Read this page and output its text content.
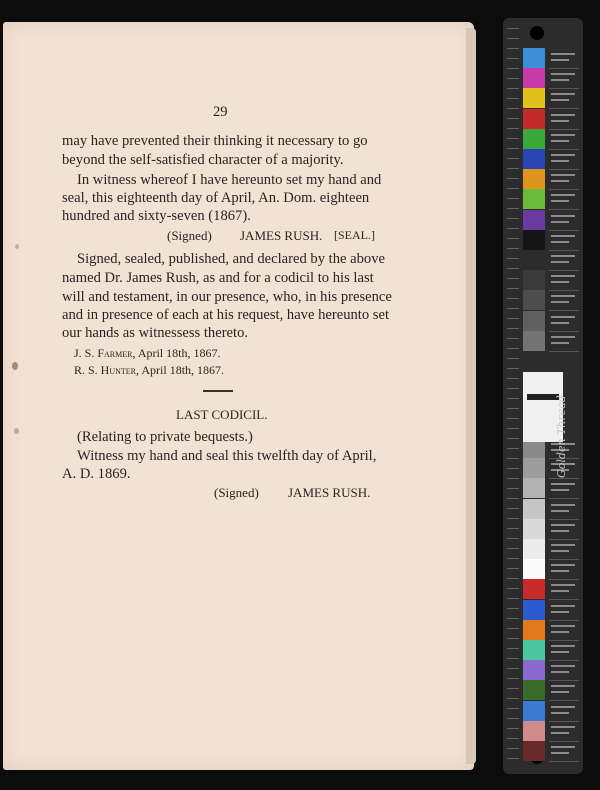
29
may have prevented their thinking it necessary to go
beyond the self-satisfied character of a majority.
In witness whereof I have hereunto set my hand and
seal, this eighteenth day of April, An. Dom. eighteen
hundred and sixty-seven (1867).
(Signed) JAMES RUSH. [SEAL.]
Signed, sealed, published, and declared by the above
named Dr. James Rush, as and for a codicil to his last
will and testament, in our presence, who, in his presence
and in presence of each at his request, have hereunto set
our hands as witnessess thereto.
J. S. Farmer, April 18th, 1867.
R. S. Hunter, April 18th, 1867.
LAST CODICIL.
(Relating to private bequests.)
Witness my hand and seal this twelfth day of April,
A. D. 1869.
(Signed) JAMES RUSH.
Golden Thread
